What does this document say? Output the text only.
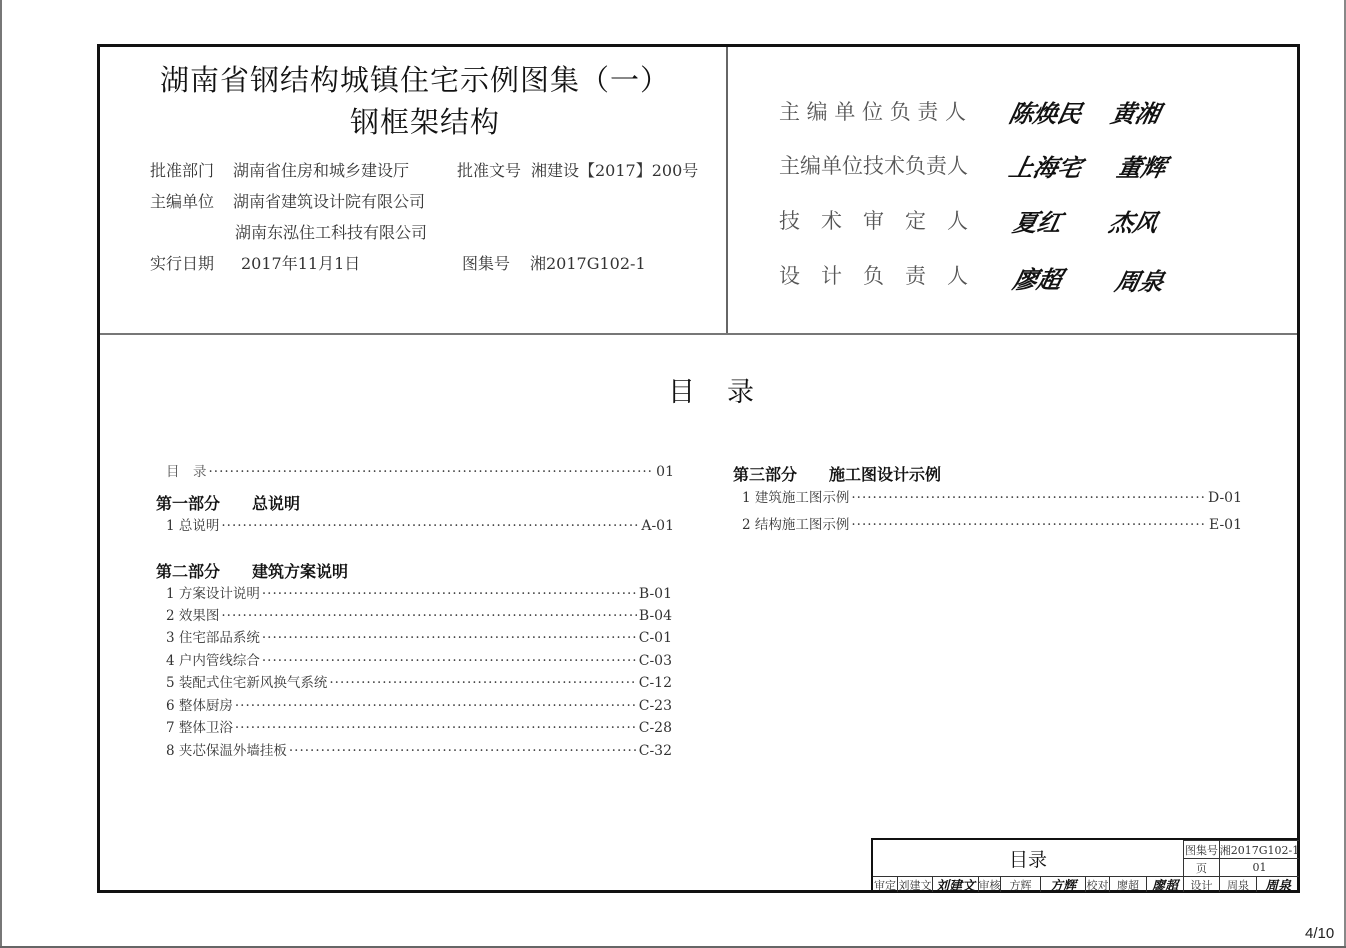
湖南省钢结构城镇住宅示例图集（一）
钢框架结构
批准部门 湖南省住房和城乡建设厅	批准文号 湘建设【2017】200号
主编单位 湖南省建筑设计院有限公司
湖南东泓住工科技有限公司
实行日期 2017年11月1日	图集号 湘2017G102-1
主 编 单 位 负 责 人 陈焕民 黄湘
主编单位技术负责人 上海宅 董辉
技　术　审　定　人 夏红 杰风
设　计　负　责　人 廖超 周泉
目录
目　录 ·····	01
第一部分　　总说明
1 总说明 ·····	A-01
第二部分　　建筑方案说明
1 方案设计说明 ·····	B-01
2 效果图 ·····	B-04
3 住宅部品系统 ·····	C-01
4 户内管线综合 ·····	C-03
5 装配式住宅新风换气系统 ·····	C-12
6 整体厨房 ·····	C-23
7 整体卫浴 ·····	C-28
8 夹芯保温外墙挂板 ·····	C-32
第三部分　　施工图设计示例
1 建筑施工图示例 ·····	D-01
2 结构施工图示例 ·····	E-01
目录	图集号 湘2017G102-1
页	01
审定 刘建文 刘建文 审核 方辉	方辉 校对 廖超 廖超	设计	周泉	周泉
4/10
